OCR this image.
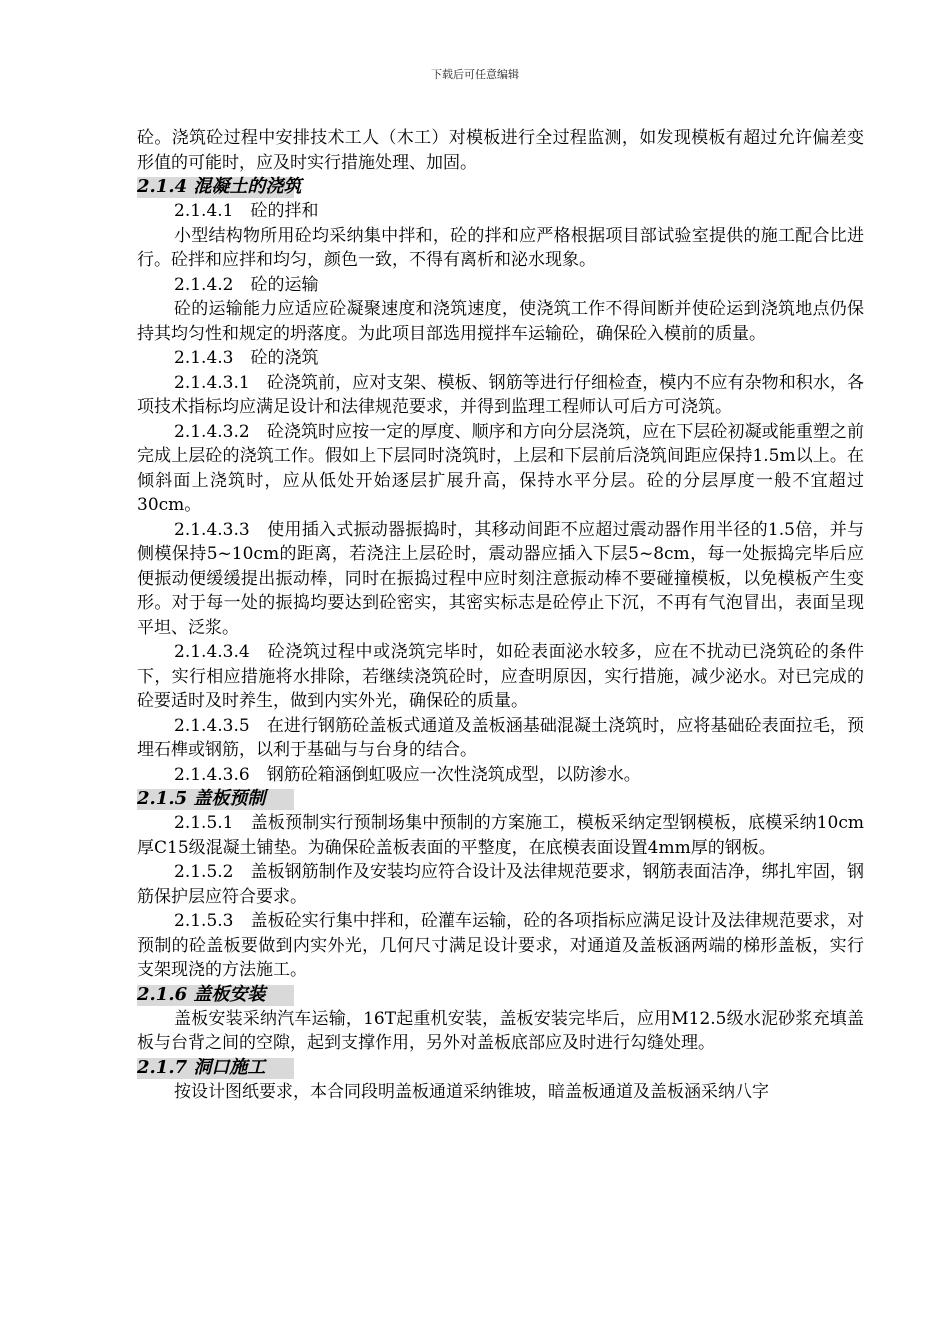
下载后可任意编辑

砼。浇筑砼过程中安排技术工人（木工）对模板进行全过程监测，如发现模板有超过允许偏差变形值的可能时，应及时实行措施处理、加固。

2.1.4 混凝土的浇筑

2.1.4.1　砼的拌和

小型结构物所用砼均采纳集中拌和，砼的拌和应严格根据项目部试验室提供的施工配合比进行。砼拌和应拌和均匀，颜色一致，不得有离析和泌水现象。

2.1.4.2　砼的运输

砼的运输能力应适应砼凝聚速度和浇筑速度，使浇筑工作不得间断并使砼运到浇筑地点仍保持其均匀性和规定的坍落度。为此项目部选用搅拌车运输砼，确保砼入模前的质量。

2.1.4.3　砼的浇筑

2.1.4.3.1　砼浇筑前，应对支架、模板、钢筋等进行仔细检查，模内不应有杂物和积水，各项技术指标均应满足设计和法律规范要求，并得到监理工程师认可后方可浇筑。

2.1.4.3.2　砼浇筑时应按一定的厚度、顺序和方向分层浇筑，应在下层砼初凝或能重塑之前完成上层砼的浇筑工作。假如上下层同时浇筑时，上层和下层前后浇筑间距应保持1.5m以上。在倾斜面上浇筑时，应从低处开始逐层扩展升高，保持水平分层。砼的分层厚度一般不宜超过30cm。

2.1.4.3.3　使用插入式振动器振捣时，其移动间距不应超过震动器作用半径的1.5倍，并与侧模保持5~10cm的距离，若浇注上层砼时，震动器应插入下层5~8cm，每一处振捣完毕后应便振动便缓缓提出振动棒，同时在振捣过程中应时刻注意振动棒不要碰撞模板，以免模板产生变形。对于每一处的振捣均要达到砼密实，其密实标志是砼停止下沉，不再有气泡冒出，表面呈现平坦、泛浆。

2.1.4.3.4　砼浇筑过程中或浇筑完毕时，如砼表面泌水较多，应在不扰动已浇筑砼的条件下，实行相应措施将水排除，若继续浇筑砼时，应查明原因，实行措施，减少泌水。对已完成的砼要适时及时养生，做到内实外光，确保砼的质量。

2.1.4.3.5　在进行钢筋砼盖板式通道及盖板涵基础混凝土浇筑时，应将基础砼表面拉毛，预埋石榫或钢筋，以利于基础与与台身的结合。

2.1.4.3.6　钢筋砼箱涵倒虹吸应一次性浇筑成型，以防渗水。

2.1.5 盖板预制

2.1.5.1　盖板预制实行预制场集中预制的方案施工，模板采纳定型钢模板，底模采纳10cm厚C15级混凝土铺垫。为确保砼盖板表面的平整度，在底模表面设置4mm厚的钢板。

2.1.5.2　盖板钢筋制作及安装均应符合设计及法律规范要求，钢筋表面洁净，绑扎牢固，钢筋保护层应符合要求。

2.1.5.3　盖板砼实行集中拌和，砼灌车运输，砼的各项指标应满足设计及法律规范要求，对预制的砼盖板要做到内实外光，几何尺寸满足设计要求，对通道及盖板涵两端的梯形盖板，实行支架现浇的方法施工。

2.1.6 盖板安装

盖板安装采纳汽车运输，16T起重机安装，盖板安装完毕后，应用M12.5级水泥砂浆充填盖板与台背之间的空隙，起到支撑作用，另外对盖板底部应及时进行勾缝处理。

2.1.7 洞口施工

按设计图纸要求，本合同段明盖板通道采纳锥坡，暗盖板通道及盖板涵采纳八字
